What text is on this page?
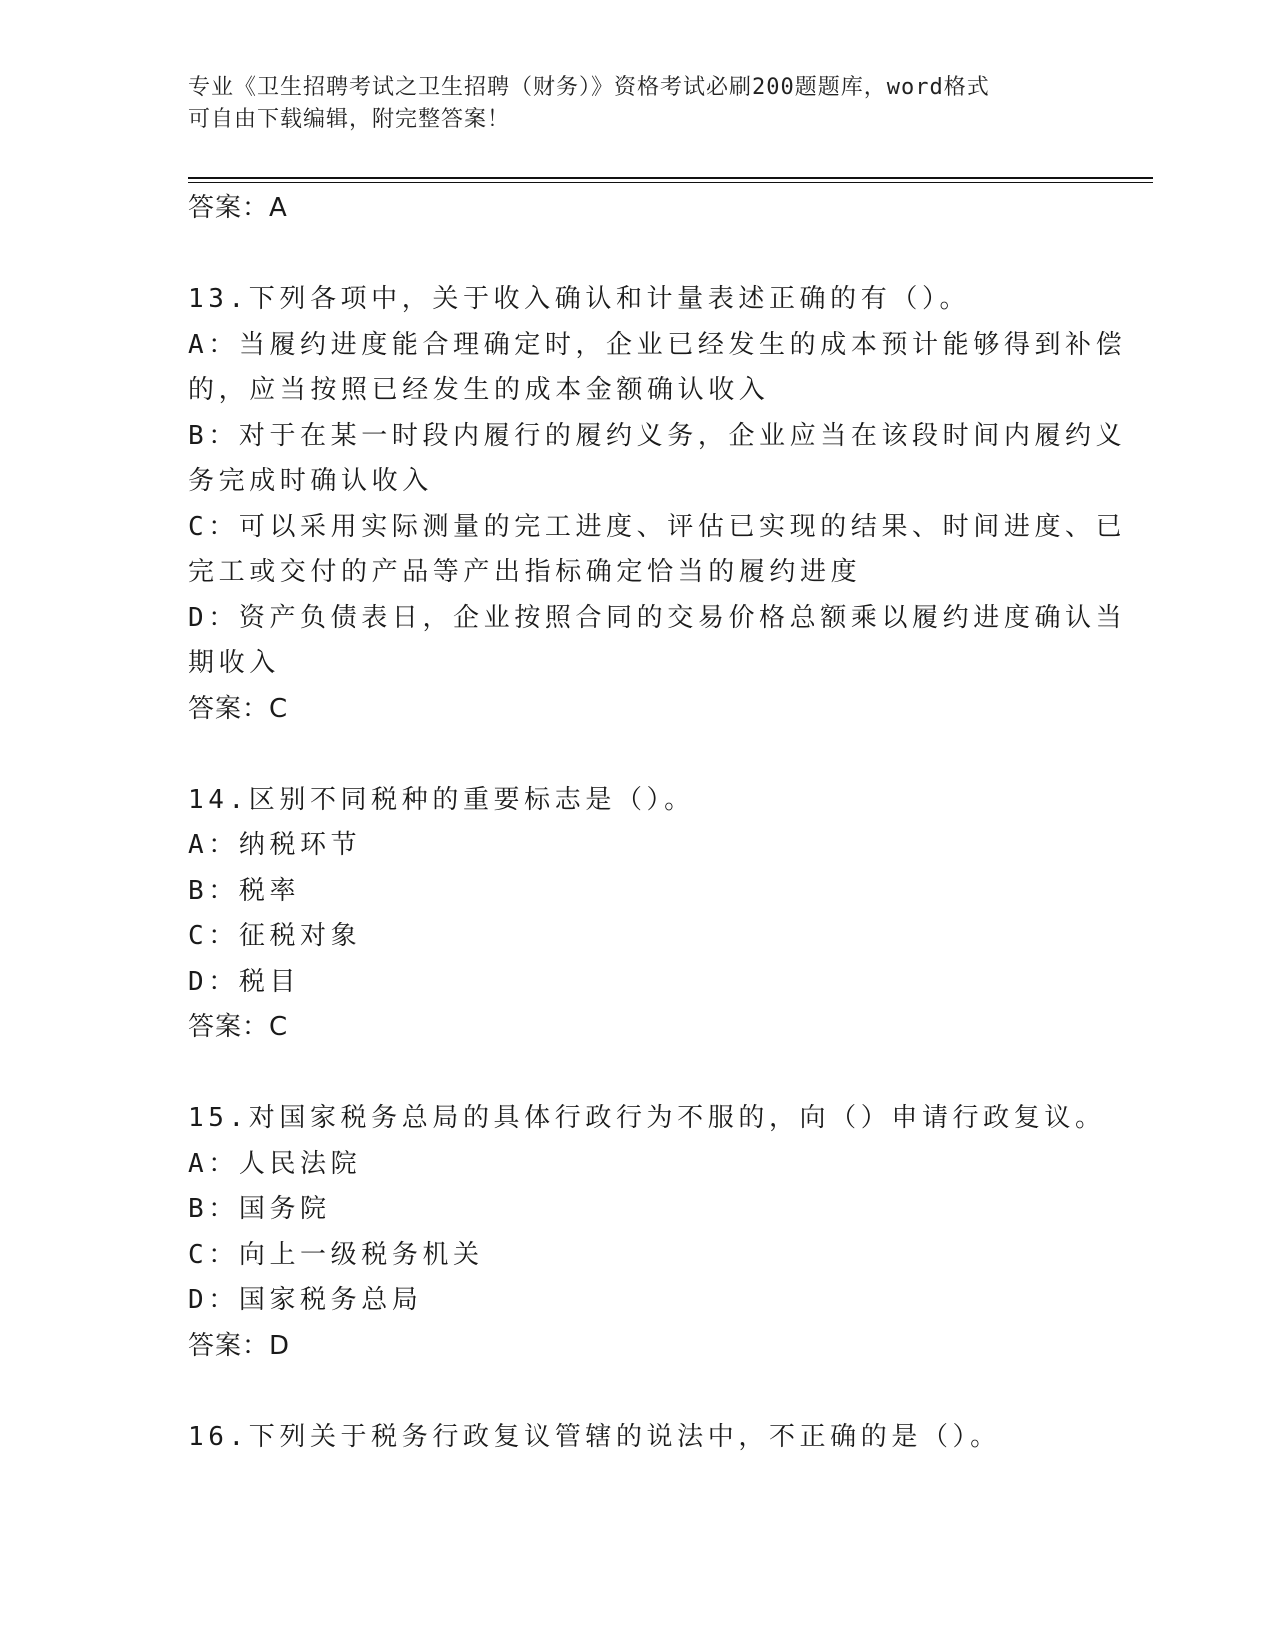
专业《卫生招聘考试之卫生招聘（财务）》资格考试必刷200题题库，word格式
可自由下载编辑，附完整答案！
答案：A
13.下列各项中，关于收入确认和计量表述正确的有（）。
A：当履约进度能合理确定时，企业已经发生的成本预计能够得到补偿
的，应当按照已经发生的成本金额确认收入
B：对于在某一时段内履行的履约义务，企业应当在该段时间内履约义
务完成时确认收入
C：可以采用实际测量的完工进度、评估已实现的结果、时间进度、已
完工或交付的产品等产出指标确定恰当的履约进度
D：资产负债表日，企业按照合同的交易价格总额乘以履约进度确认当
期收入
答案：C
14.区别不同税种的重要标志是（）。
A：纳税环节
B：税率
C：征税对象
D：税目
答案：C
15.对国家税务总局的具体行政行为不服的，向（）申请行政复议。
A：人民法院
B：国务院
C：向上一级税务机关
D：国家税务总局
答案：D
16.下列关于税务行政复议管辖的说法中，不正确的是（）。
